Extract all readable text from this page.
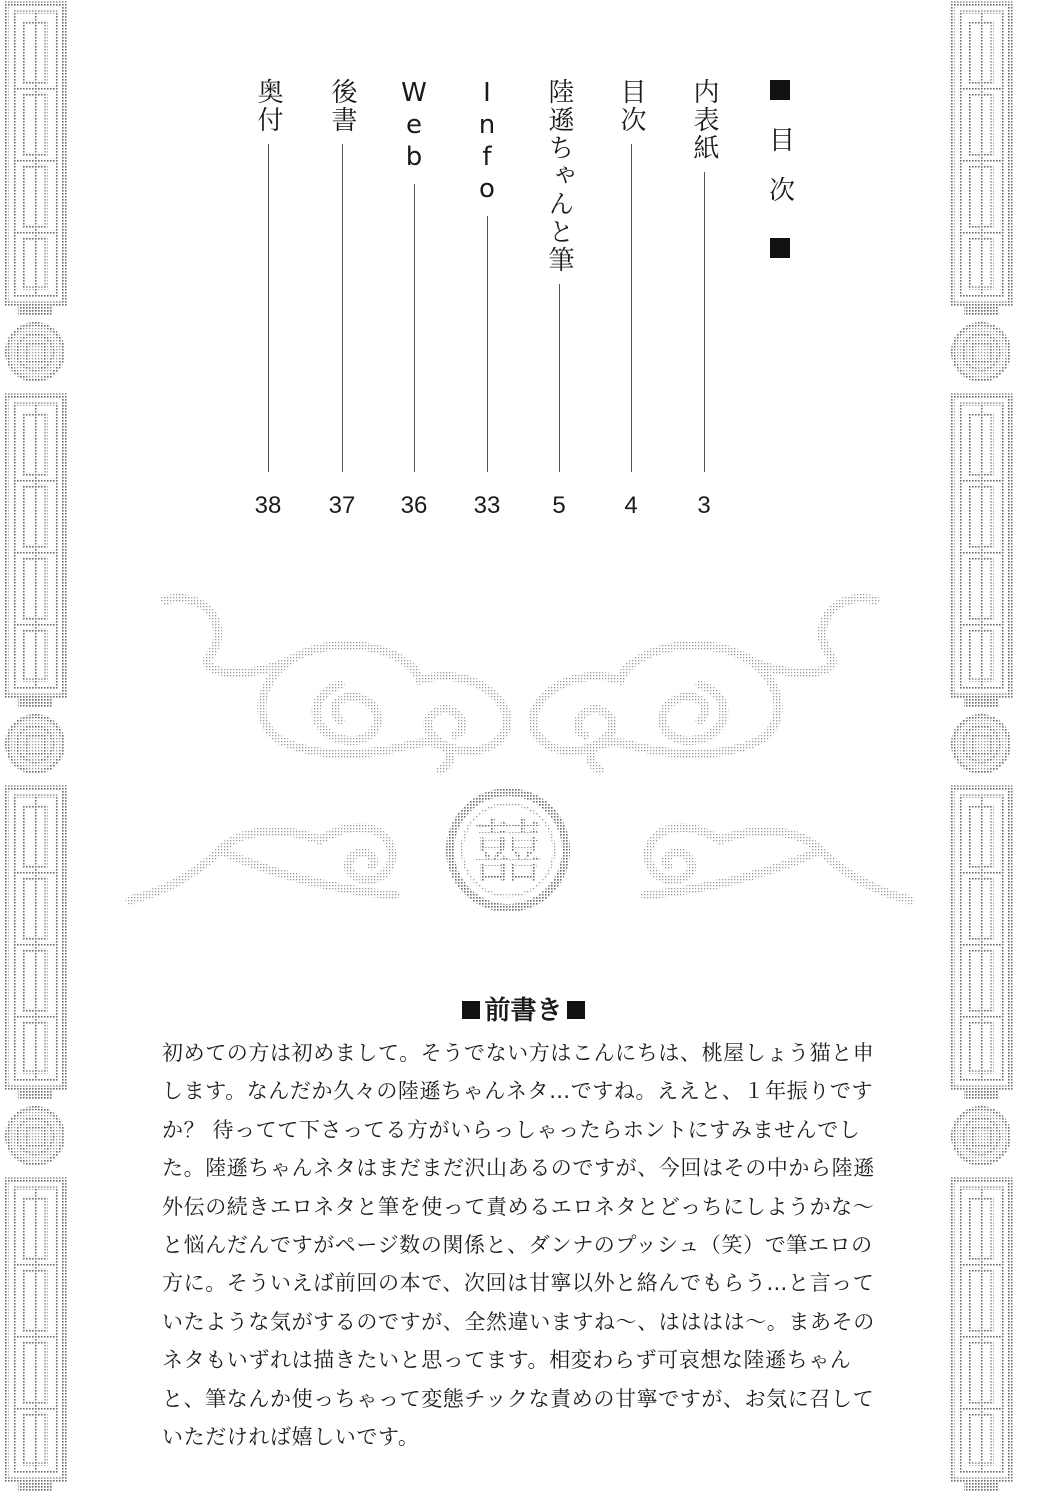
目次
内表紙
3
目次
4
陸遜ちゃんと筆
5
Info
33
Web
36
後書
37
奥付
38
囍
前書き
初めての方は初めまして。そうでない方はこんにちは、桃屋しょう猫と申
します。なんだか久々の陸遜ちゃんネタ…ですね。ええと、１年振りです
か？ 待ってて下さってる方がいらっしゃったらホントにすみませんでし
た。陸遜ちゃんネタはまだまだ沢山あるのですが、今回はその中から陸遜
外伝の続きエロネタと筆を使って責めるエロネタとどっちにしようかな〜
と悩んだんですがページ数の関係と、ダンナのプッシュ（笑）で筆エロの
方に。そういえば前回の本で、次回は甘寧以外と絡んでもらう…と言って
いたような気がするのですが、全然違いますね〜、はははは〜。まあその
ネタもいずれは描きたいと思ってます。相変わらず可哀想な陸遜ちゃん
と、筆なんか使っちゃって変態チックな責めの甘寧ですが、お気に召して
いただければ嬉しいです。
